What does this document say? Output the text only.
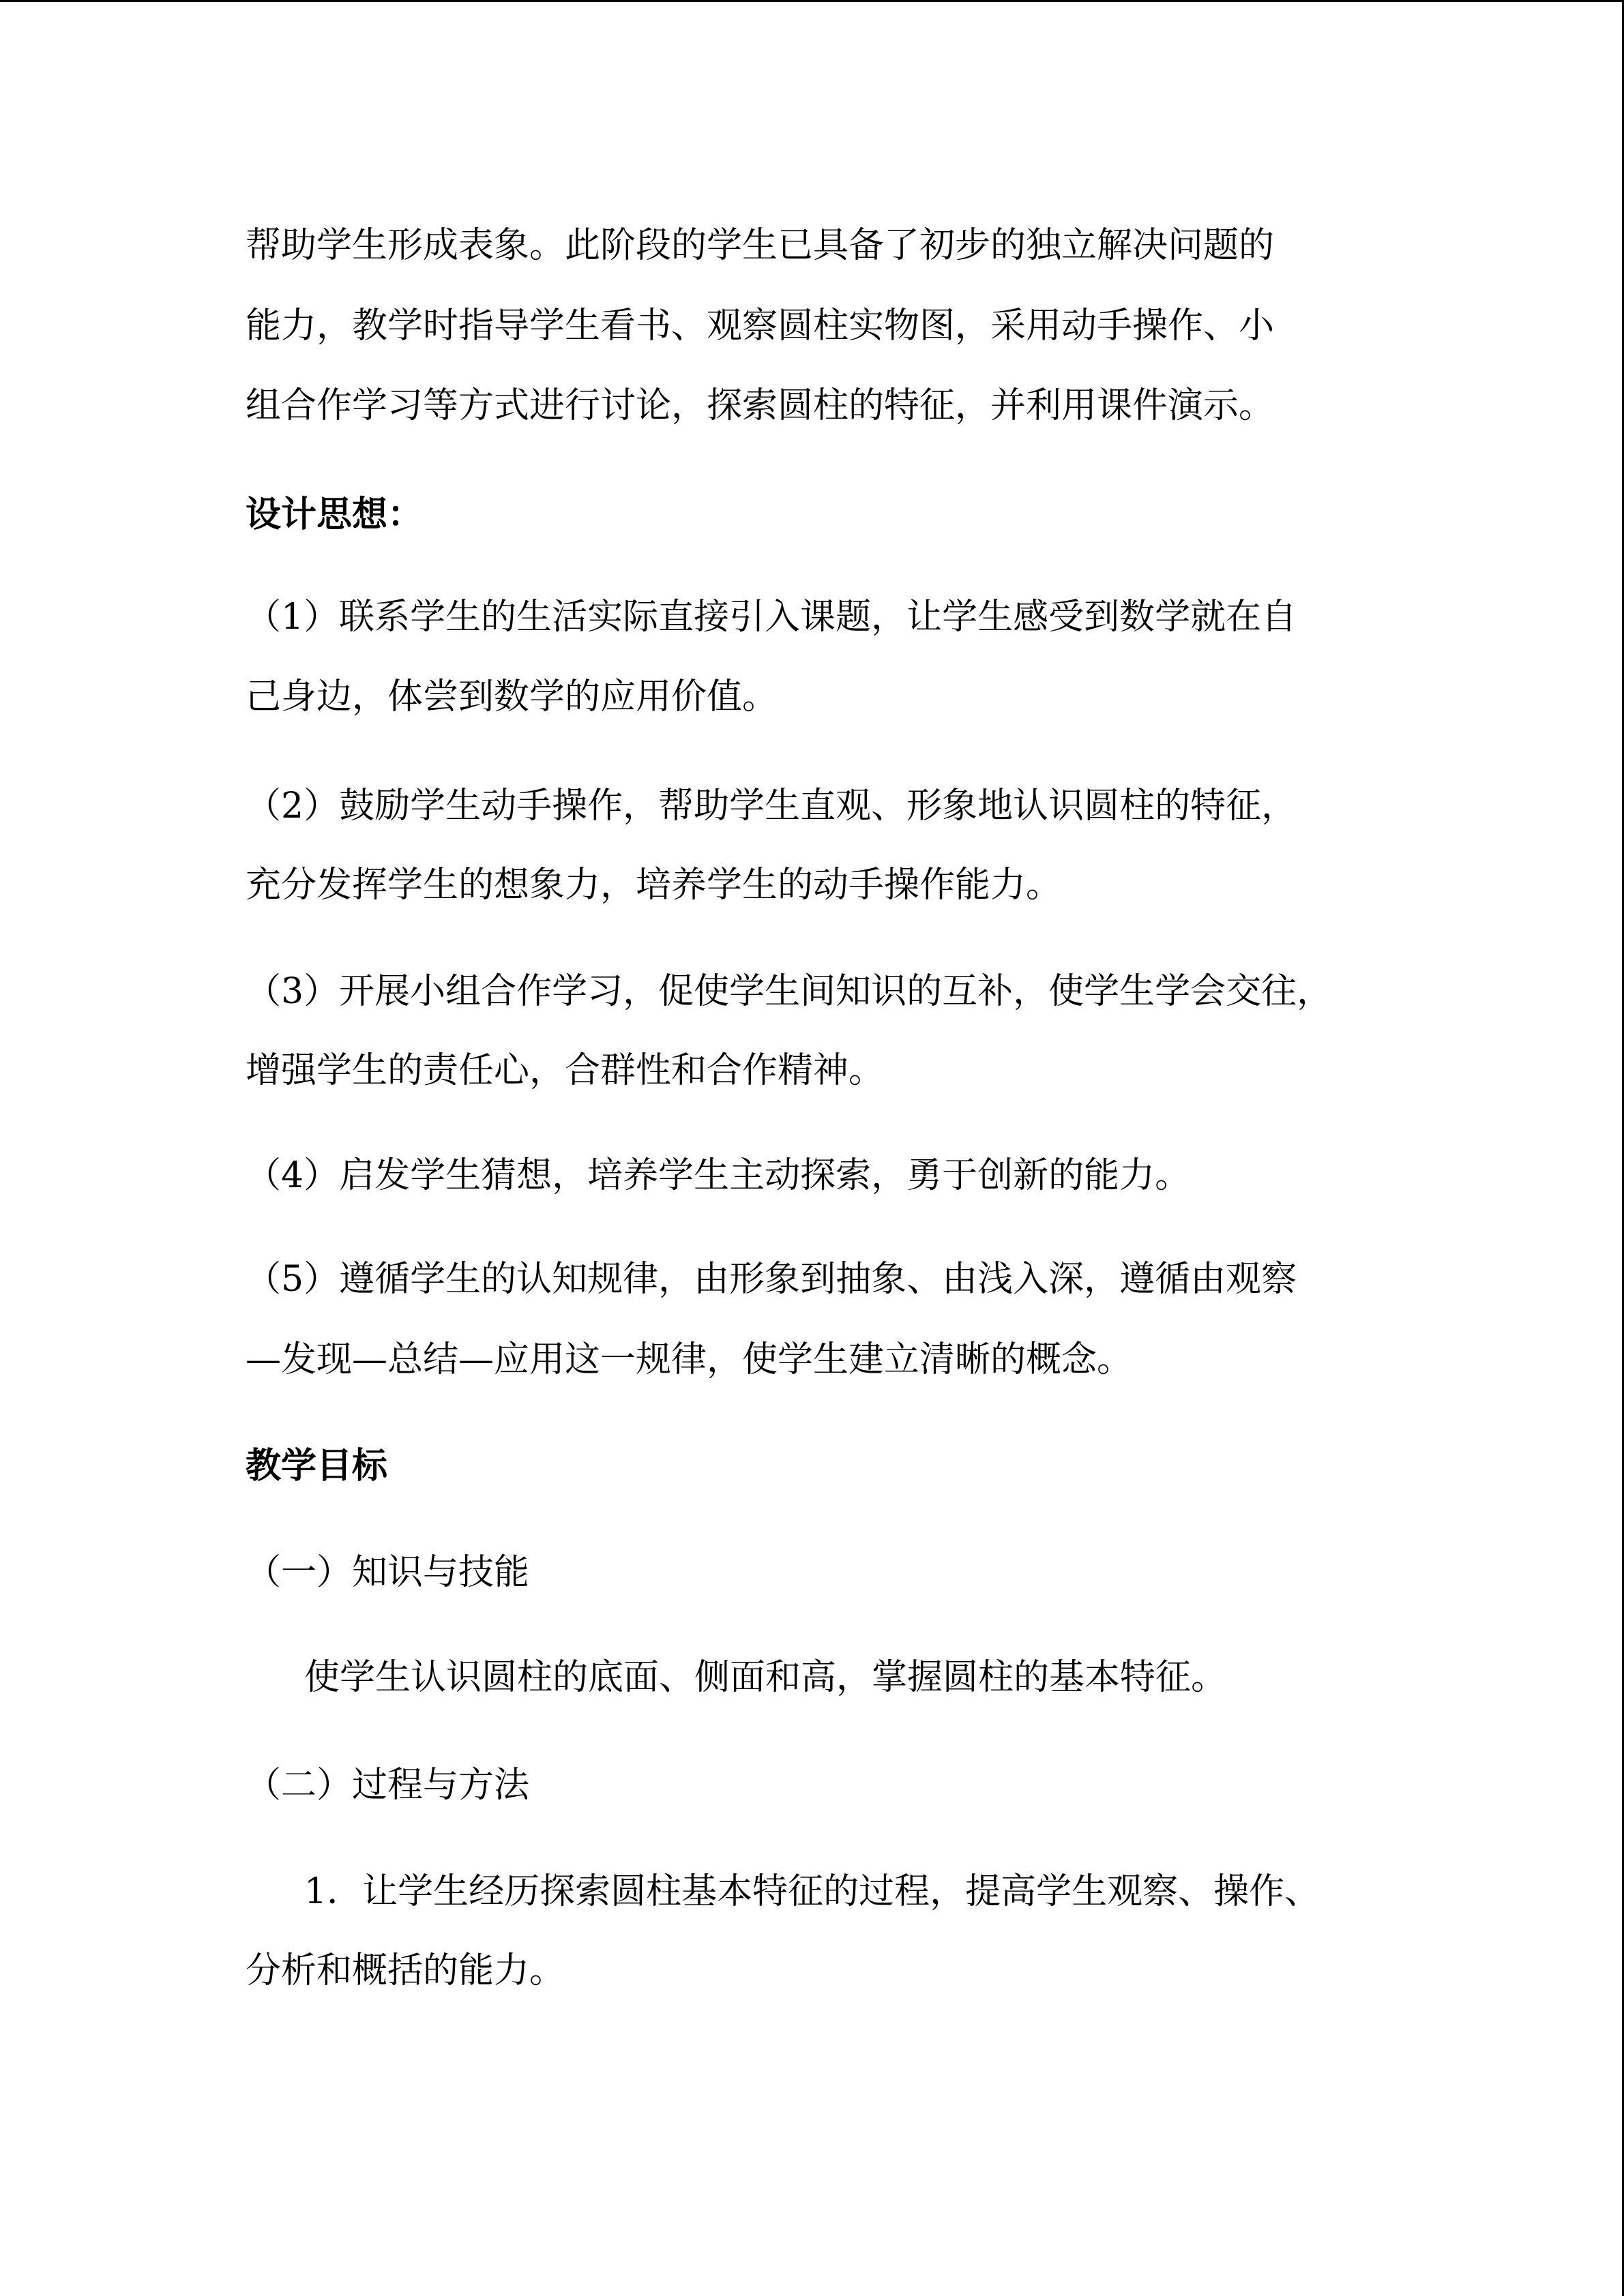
帮助学生形成表象。此阶段的学生已具备了初步的独立解决问题的

能力，教学时指导学生看书、观察圆柱实物图，采用动手操作、小

组合作学习等方式进行讨论，探索圆柱的特征，并利用课件演示。

设计思想：

（1）联系学生的生活实际直接引入课题，让学生感受到数学就在自

己身边，体尝到数学的应用价值。

（2）鼓励学生动手操作，帮助学生直观、形象地认识圆柱的特征，

充分发挥学生的想象力，培养学生的动手操作能力。

（3）开展小组合作学习，促使学生间知识的互补，使学生学会交往，

增强学生的责任心，合群性和合作精神。

（4）启发学生猜想，培养学生主动探索，勇于创新的能力。

（5）遵循学生的认知规律，由形象到抽象、由浅入深，遵循由观察

—发现—总结—应用这一规律，使学生建立清晰的概念。

教学目标

（一）知识与技能

使学生认识圆柱的底面、侧面和高，掌握圆柱的基本特征。

（二）过程与方法

1．让学生经历探索圆柱基本特征的过程，提高学生观察、操作、

分析和概括的能力。
